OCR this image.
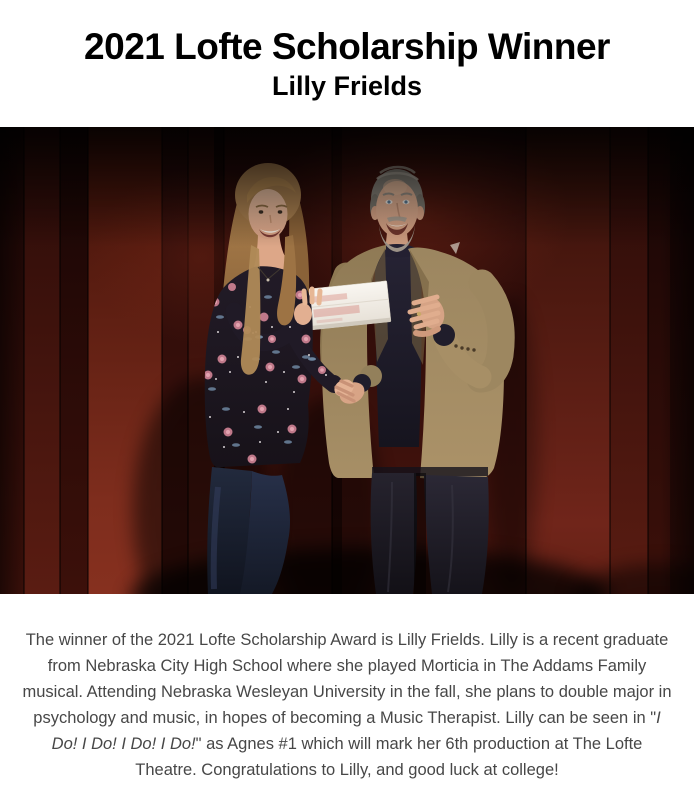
2021 Lofte Scholarship Winner
Lilly Frields

The winner of the 2021 Lofte Scholarship Award is Lilly Frields. Lilly is a recent graduate from Nebraska City High School where she played Morticia in The Addams Family musical. Attending Nebraska Wesleyan University in the fall, she plans to double major in psychology and music, in hopes of becoming a Music Therapist. Lilly can be seen in "I Do! I Do! I Do! I Do!" as Agnes #1 which will mark her 6th production at The Lofte Theatre. Congratulations to Lilly, and good luck at college!
